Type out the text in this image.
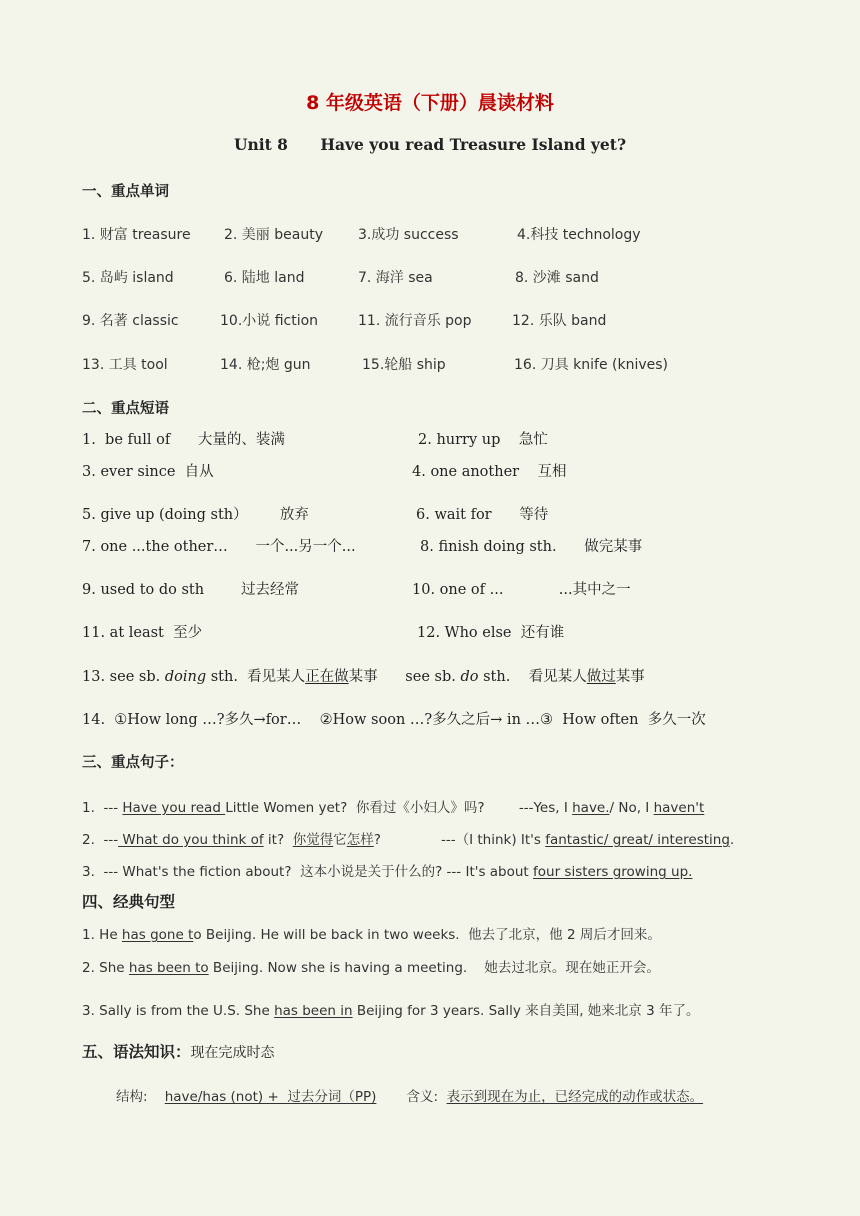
8 年级英语（下册）晨读材料
Unit 8      Have you read Treasure Island yet?
一、重点单词
1. 财富 treasure 2. 美丽 beauty	3.成功 success	4.科技 technology
5. 岛屿 island	6. 陆地 land	7. 海洋 sea	8. 沙滩 sand
9. 名著 classic	10.小说 fiction	11. 流行音乐 pop	12. 乐队 band
13. 工具 tool	14. 枪;炮 gun	15.轮船 ship	16. 刀具 knife (knives)
二、重点短语
1.  be full of      大量的、装满	2. hurry up    急忙
3. ever since  自从	4. one another    互相
5. give up (doing sth）       放弃	6. wait for      等待
7. one ...the other…      一个...另一个...	8. finish doing sth.      做完某事
9. used to do sth        过去经常	10. one of ...            ...其中之一
11. at least  至少	12. Who else  还有谁
13. see sb. doing sth.  看见某人正在做某事      see sb. do sth.    看见某人做过某事
14.  ①How long …?多久→for…    ②How soon …?多久之后→ in …③  How often  多久一次
三、重点句子：
1.  --- Have you read Little Women yet?  你看过《小妇人》吗?        ---Yes, I have./ No, I haven't
2.  --- What do you think of it?  你觉得它怎样?              ---（I think) It's fantastic/ great/ interesting.
3.  --- What's the fiction about?  这本小说是关于什么的? --- It's about four sisters growing up.
四、经典句型
1. He has gone to Beijing. He will be back in two weeks.  他去了北京，他 2 周后才回来。
2. She has been to Beijing. Now she is having a meeting.    她去过北京。现在她正开会。
3. Sally is from the U.S. She has been in Beijing for 3 years. Sally 来自美国, 她来北京 3 年了。
五、语法知识：现在完成时态
结构:    have/has (not) +  过去分词（PP)       含义:  表示到现在为止，已经完成的动作或状态。
